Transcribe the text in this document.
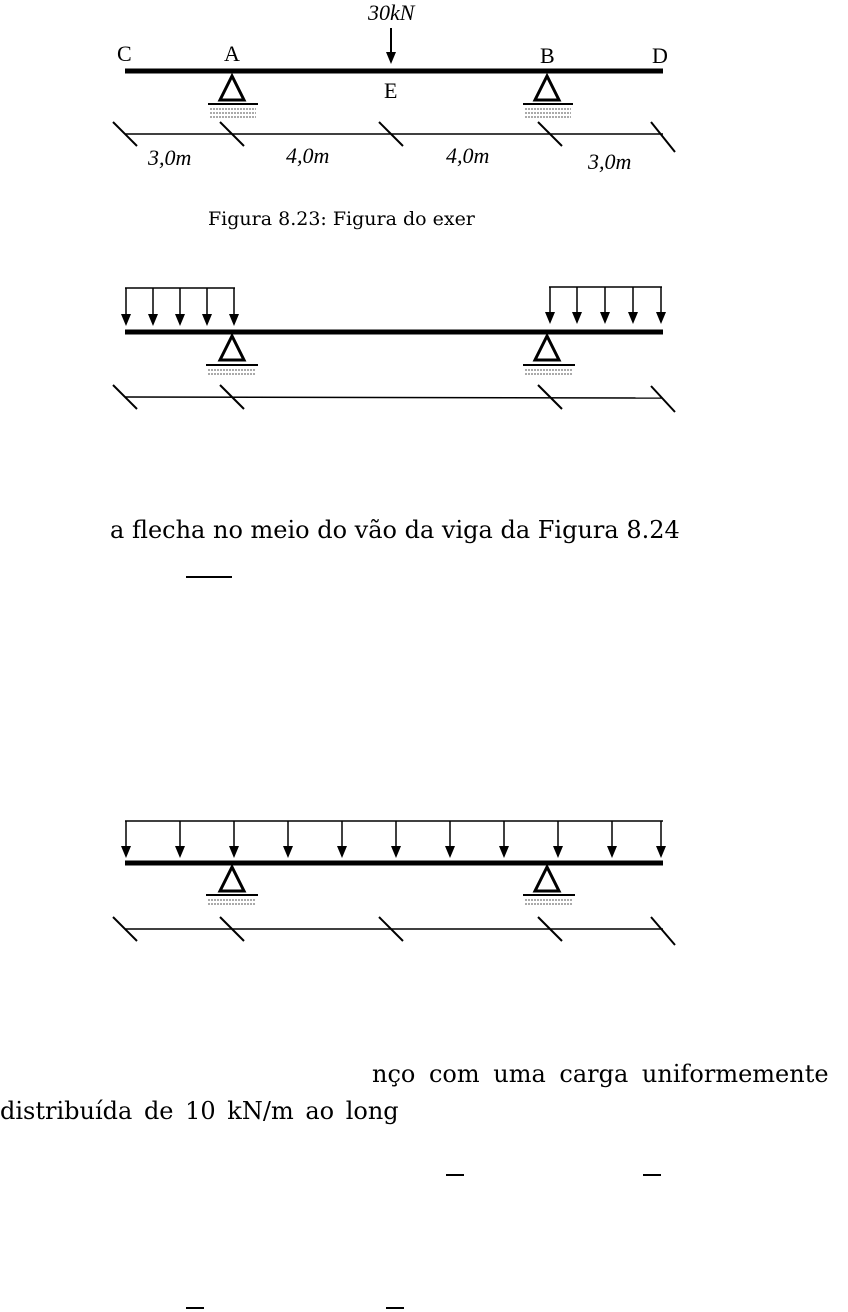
30kN
C	A
E
B	D
3,0m	4,0m	4,0m	3,0m
Figura 8.23: Figura do exer
a flecha no meio do vão da viga da Figura 8.24
nço com uma carga uniformemente
distribuída de 10 kN/m ao long
